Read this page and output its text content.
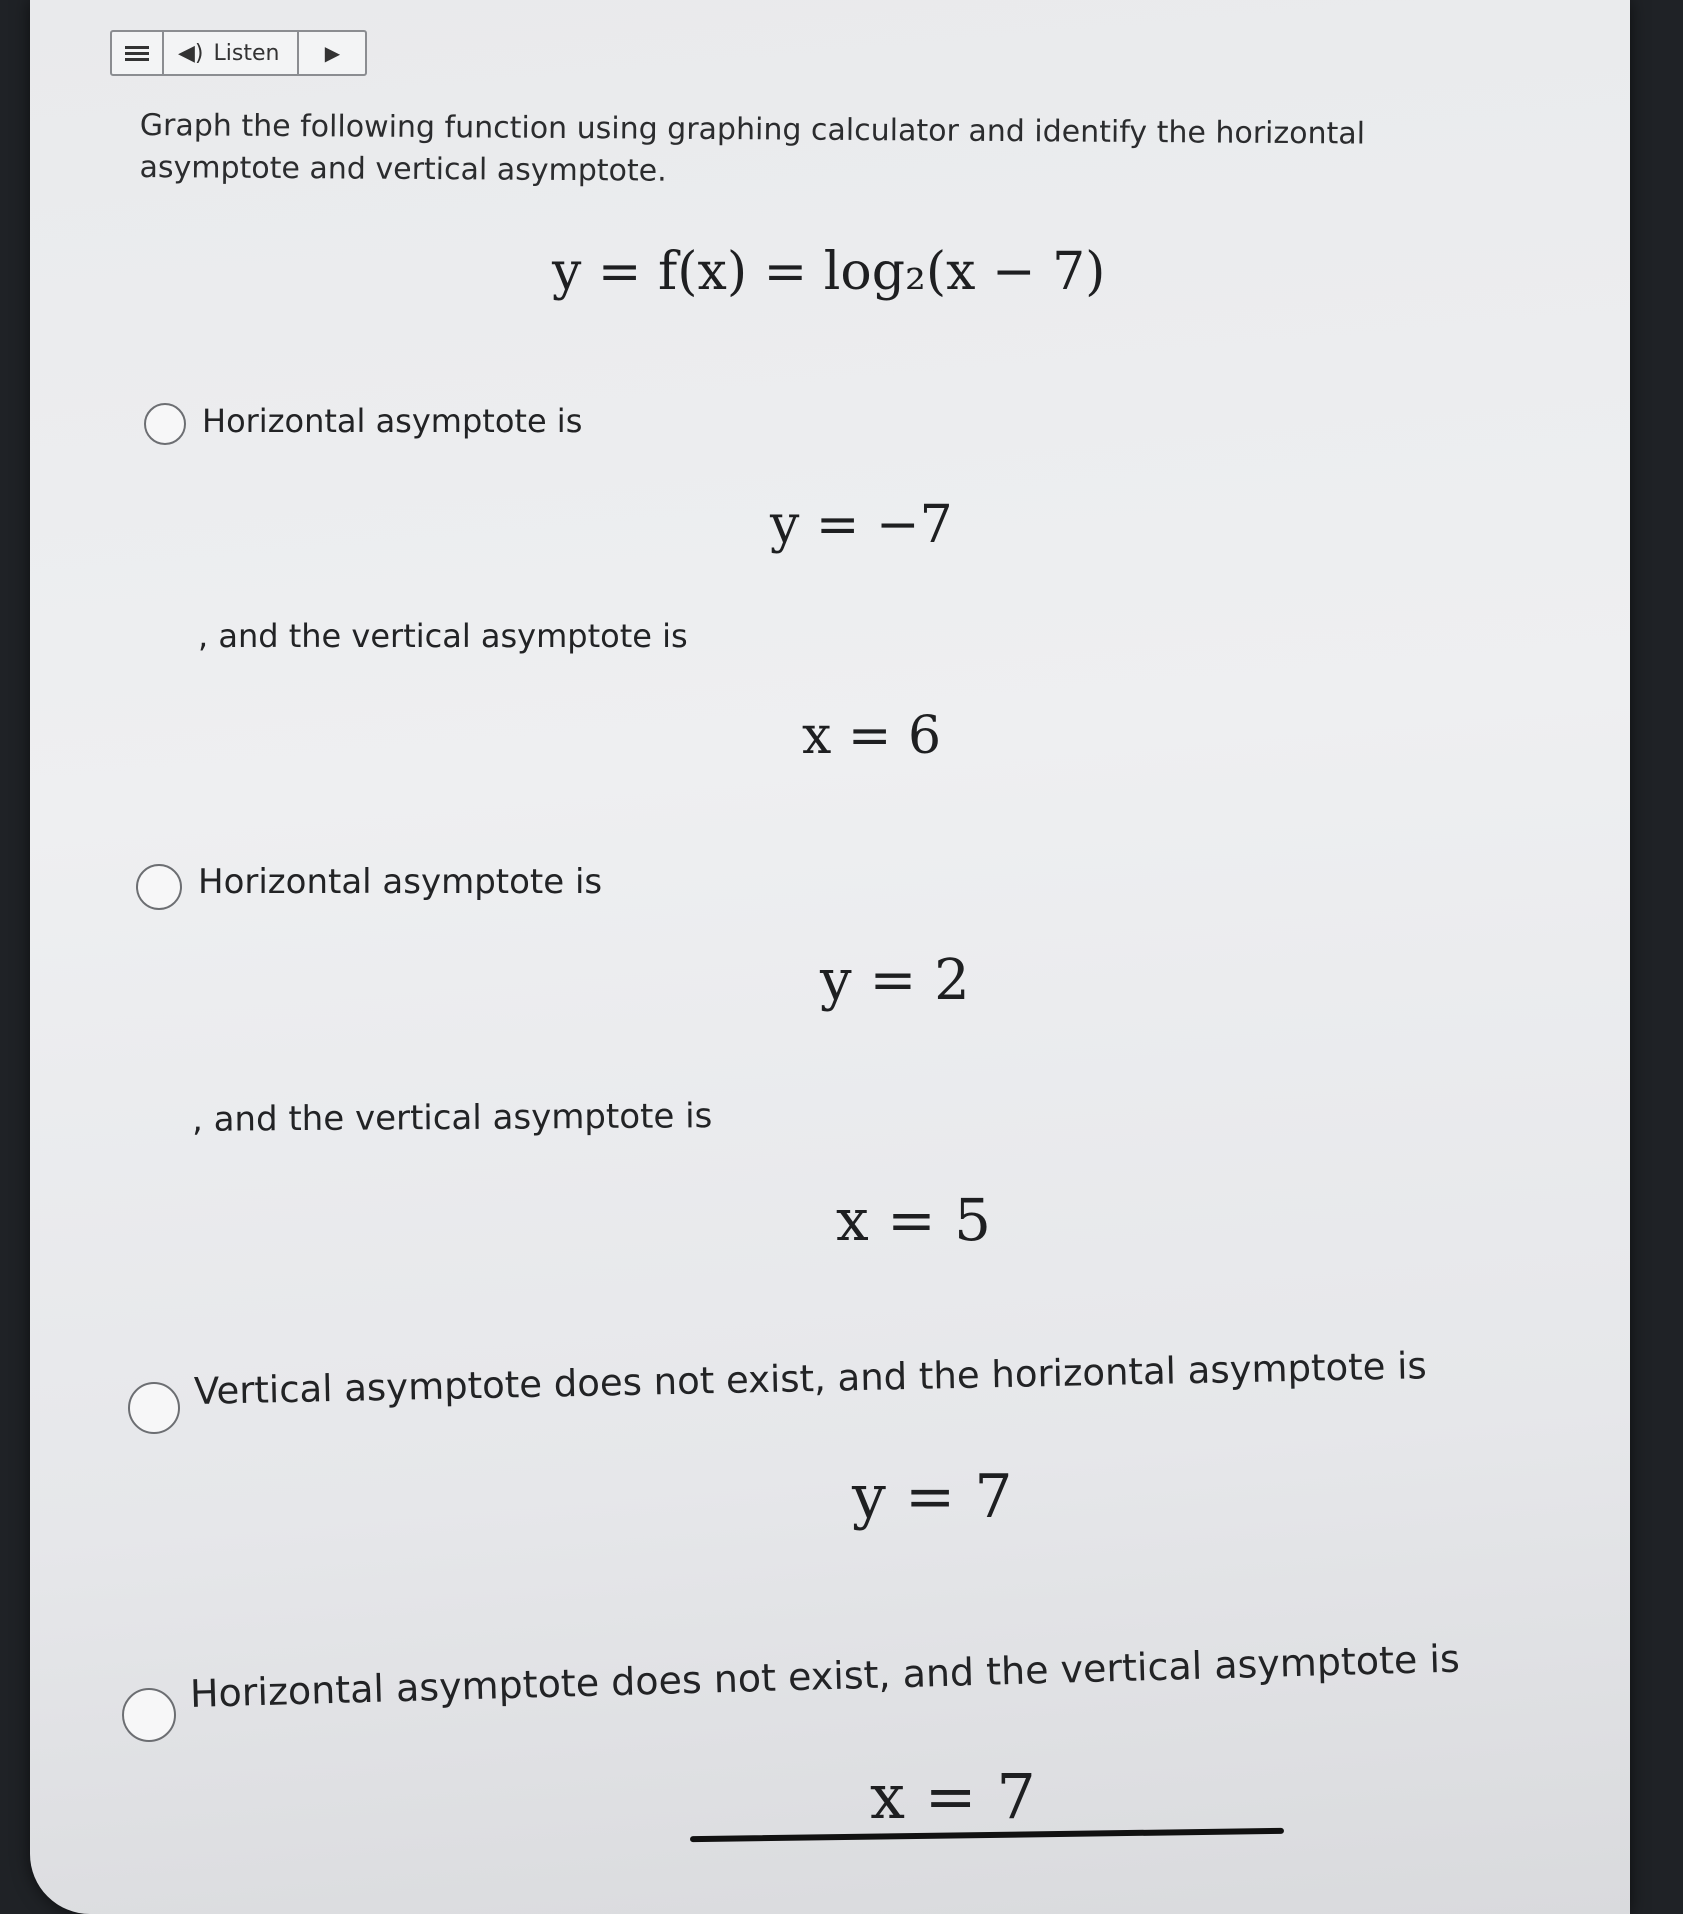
◀) Listen	▶
Graph the following function using graphing calculator and identify the horizontal asymptote and vertical asymptote.
y = f(x) = log₂(x − 7)
Horizontal asymptote is
y = −7
, and the vertical asymptote is
x = 6
Horizontal asymptote is
y = 2
, and the vertical asymptote is
x = 5
Vertical asymptote does not exist, and the horizontal asymptote is
y = 7
Horizontal asymptote does not exist, and the vertical asymptote is
x = 7
